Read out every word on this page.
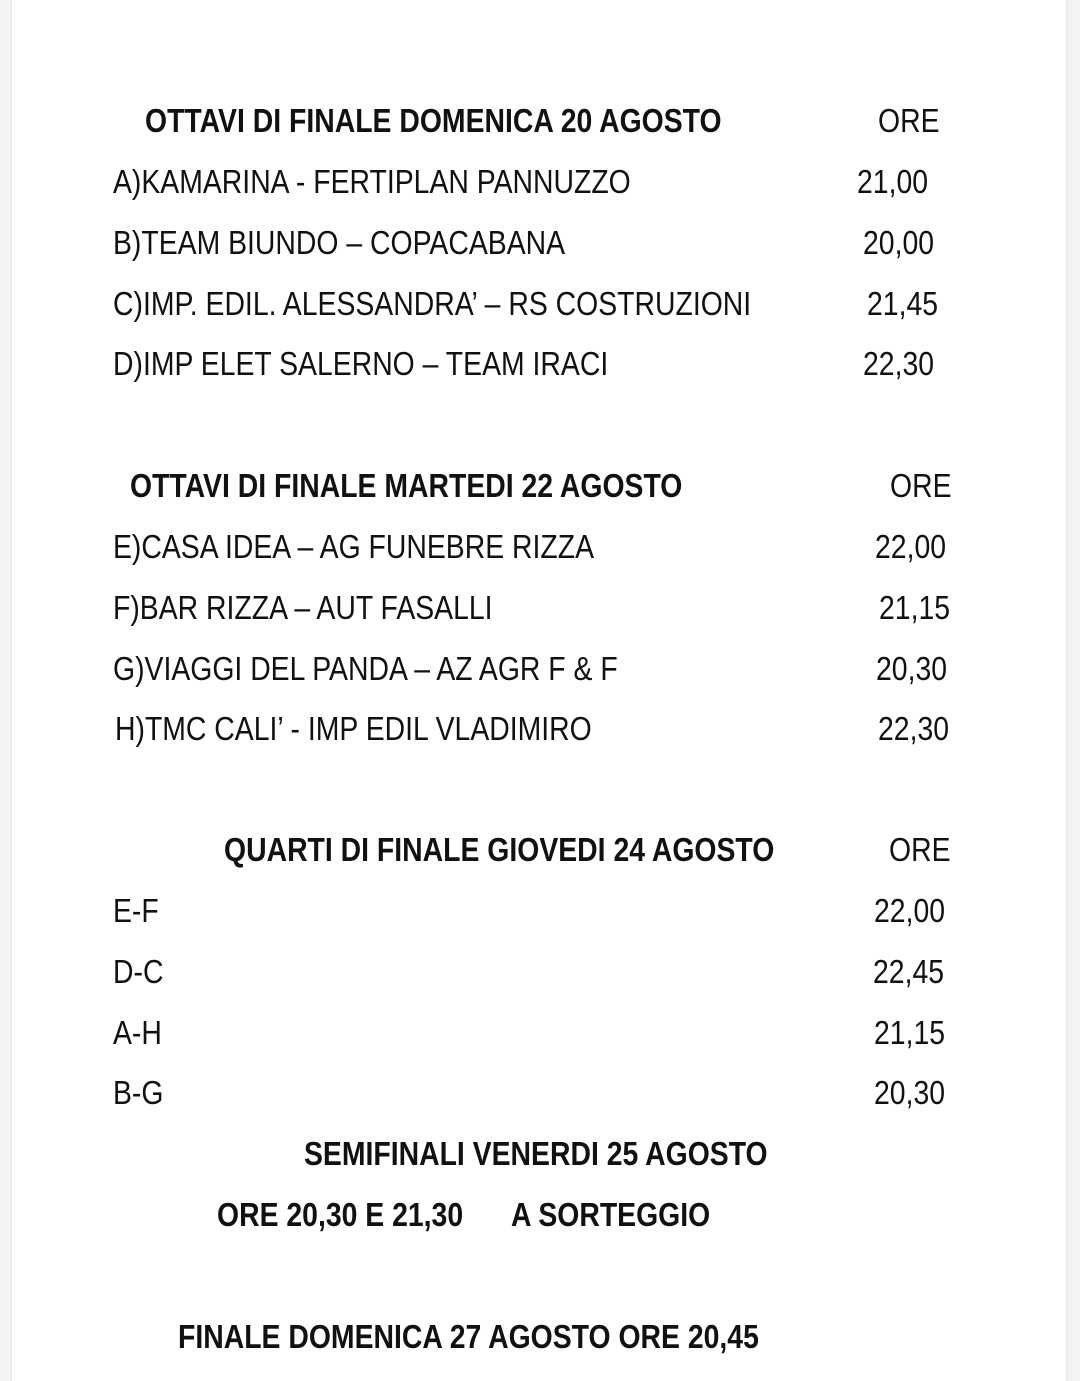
OTTAVI DI FINALE DOMENICA 20 AGOSTO	ORE
A)KAMARINA - FERTIPLAN PANNUZZO	21,00
B)TEAM BIUNDO – COPACABANA	20,00
C)IMP. EDIL. ALESSANDRA’ – RS COSTRUZIONI	21,45
D)IMP ELET SALERNO – TEAM IRACI	22,30
OTTAVI DI FINALE MARTEDI 22 AGOSTO	ORE
E)CASA IDEA – AG FUNEBRE RIZZA	22,00
F)BAR RIZZA – AUT FASALLI	21,15
G)VIAGGI DEL PANDA – AZ AGR F & F	20,30
H)TMC CALI’ - IMP EDIL VLADIMIRO	22,30
QUARTI DI FINALE GIOVEDI 24 AGOSTO	ORE
E-F	22,00
D-C	22,45
A-H	21,15
B-G	20,30
SEMIFINALI VENERDI 25 AGOSTO
ORE 20,30 E 21,30 A SORTEGGIO
FINALE DOMENICA 27 AGOSTO ORE 20,45
